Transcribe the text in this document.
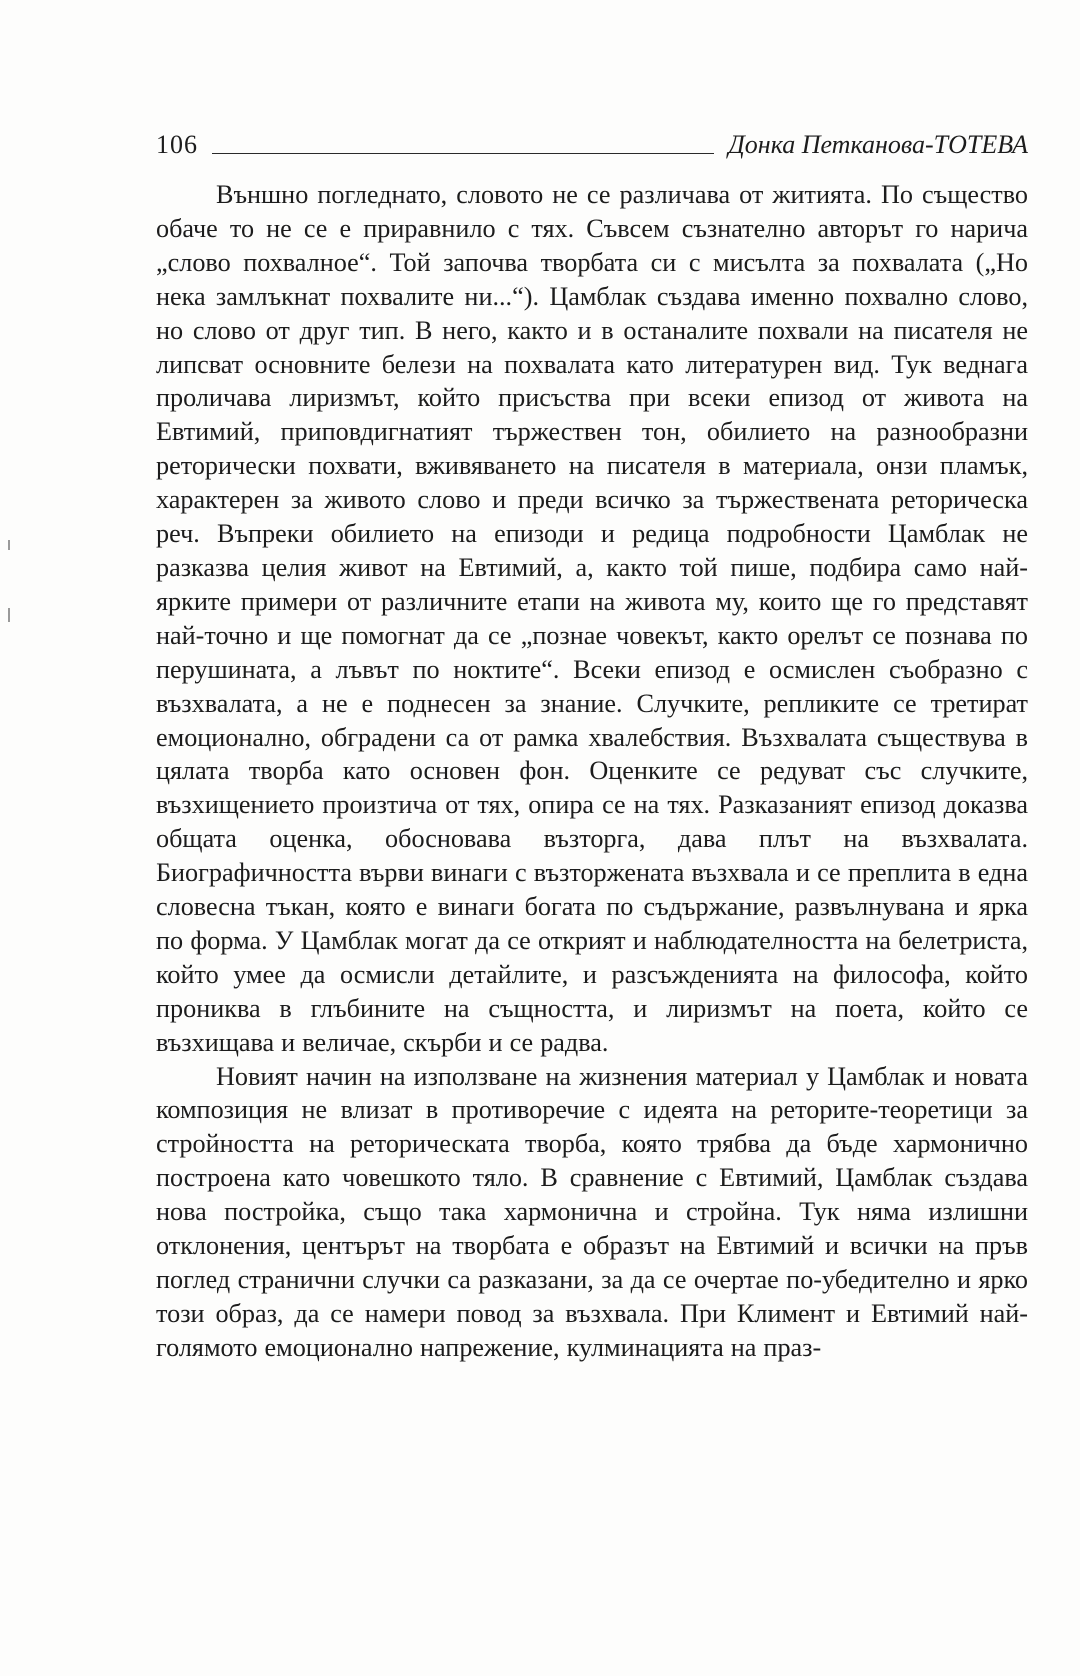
106	Донка Петканова-ТОТЕВА

Външно погледнато, словото не се различава от житията. По същество обаче то не се е приравнило с тях. Съвсем съзнателно авторът го нарича „слово похвалное“. Той започва творбата си с мисълта за похвалата („Но нека замлъкнат похвалите ни...“). Цамблак създава именно похвално слово, но слово от друг тип. В него, както и в останалите похвали на писателя не липсват основните белези на похвалата като литературен вид. Тук веднага проличава лиризмът, който присъства при всеки епизод от живота на Евтимий, приповдигнатият тържествен тон, обилието на разнообразни реторически похвати, вживяването на писателя в материала, онзи пламък, характерен за живото слово и преди всичко за тържествената реторическа реч. Въпреки обилието на епизоди и редица подробности Цамблак не разказва целия живот на Евтимий, а, както той пише, подбира само най-ярките примери от различните етапи на живота му, които ще го представят най-точно и ще помогнат да се „познае човекът, както орелът се познава по перушината, а лъвът по ноктите“. Всеки епизод е осмислен съобразно с възхвалата, а не е поднесен за знание. Случките, репликите се третират емоционално, обградени са от рамка хвалебствия. Възхвалата съществува в цялата творба като основен фон. Оценките се редуват със случките, възхищението произтича от тях, опира се на тях. Разказаният епизод доказва общата оценка, обосновава възторга, дава плът на възхвалата. Биографичността върви винаги с възторжената възхвала и се преплита в една словесна тъкан, която е винаги богата по съдържание, развълнувана и ярка по форма. У Цамблак могат да се открият и наблюдателността на белетриста, който умее да осмисли детайлите, и разсъжденията на философа, който прониква в глъбините на същността, и лиризмът на поета, който се възхищава и величае, скърби и се радва.

Новият начин на използване на жизнения материал у Цамблак и новата композиция не влизат в противоречие с идеята на реторите-теоретици за стройността на реторическата творба, която трябва да бъде хармонично построена като човешкото тяло. В сравнение с Евтимий, Цамблак създава нова постройка, също така хармонична и стройна. Тук няма излишни отклонения, центърът на творбата е образът на Евтимий и всички на пръв поглед странични случки са разказани, за да се очертае по-убедително и ярко този образ, да се намери повод за възхвала. При Климент и Евтимий най-голямото емоционално напрежение, кулминацията на праз-
